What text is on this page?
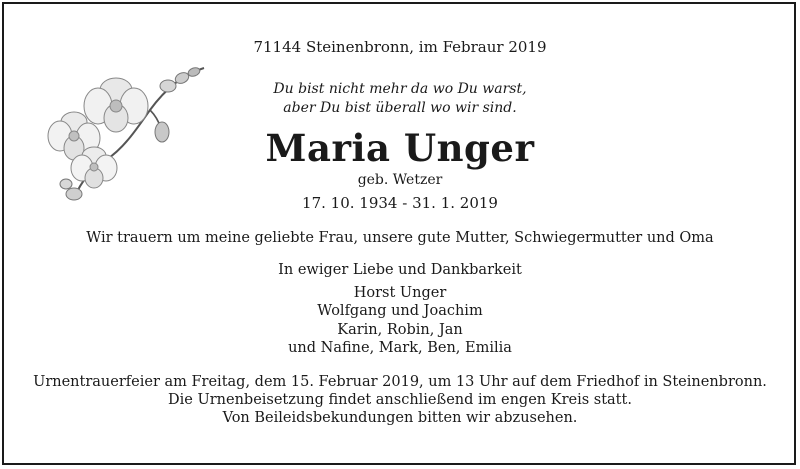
71144 Steinenbronn, im Febraur 2019
Du bist nicht mehr da wo Du warst,
aber Du bist überall wo wir sind.
Maria Unger
geb. Wetzer
17. 10. 1934 - 31. 1. 2019
Wir trauern um meine geliebte Frau, unsere gute Mutter, Schwiegermutter und Oma
In ewiger Liebe und Dankbarkeit
Horst Unger
Wolfgang und Joachim
Karin, Robin, Jan
und Nafine, Mark, Ben, Emilia
Urnentrauerfeier am Freitag, dem 15. Februar 2019, um 13 Uhr auf dem Friedhof in Steinenbronn.
Die Urnenbeisetzung findet anschließend im engen Kreis statt.
Von Beileidsbekundungen bitten wir abzusehen.
